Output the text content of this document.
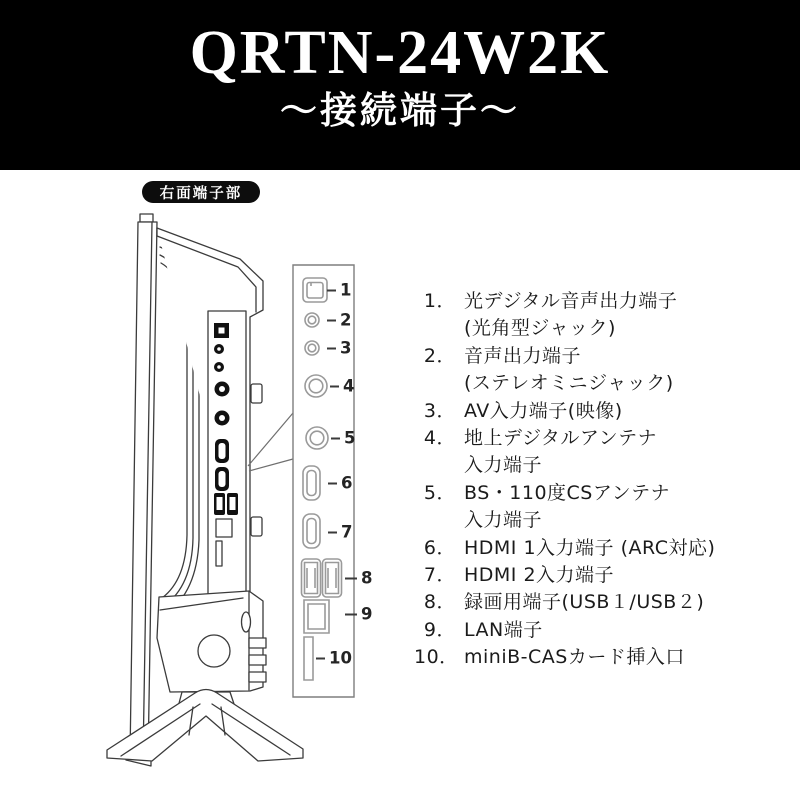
QRTN-24W2K
～接続端子～
右面端子部
1
2
3
4
5
6
7
8
9
10
1． 光デジタル音声出力端子
(光角型ジャック)
2． 音声出力端子
(ステレオミニジャック)
3． AV入力端子(映像)
4． 地上デジタルアンテナ
入力端子
5． BS・110度CSアンテナ
入力端子
6． HDMI 1入力端子 (ARC対応)
7． HDMI 2入力端子
8． 録画用端子(USB１/USB２)
9． LAN端子
10． miniB-CASカード挿入口
